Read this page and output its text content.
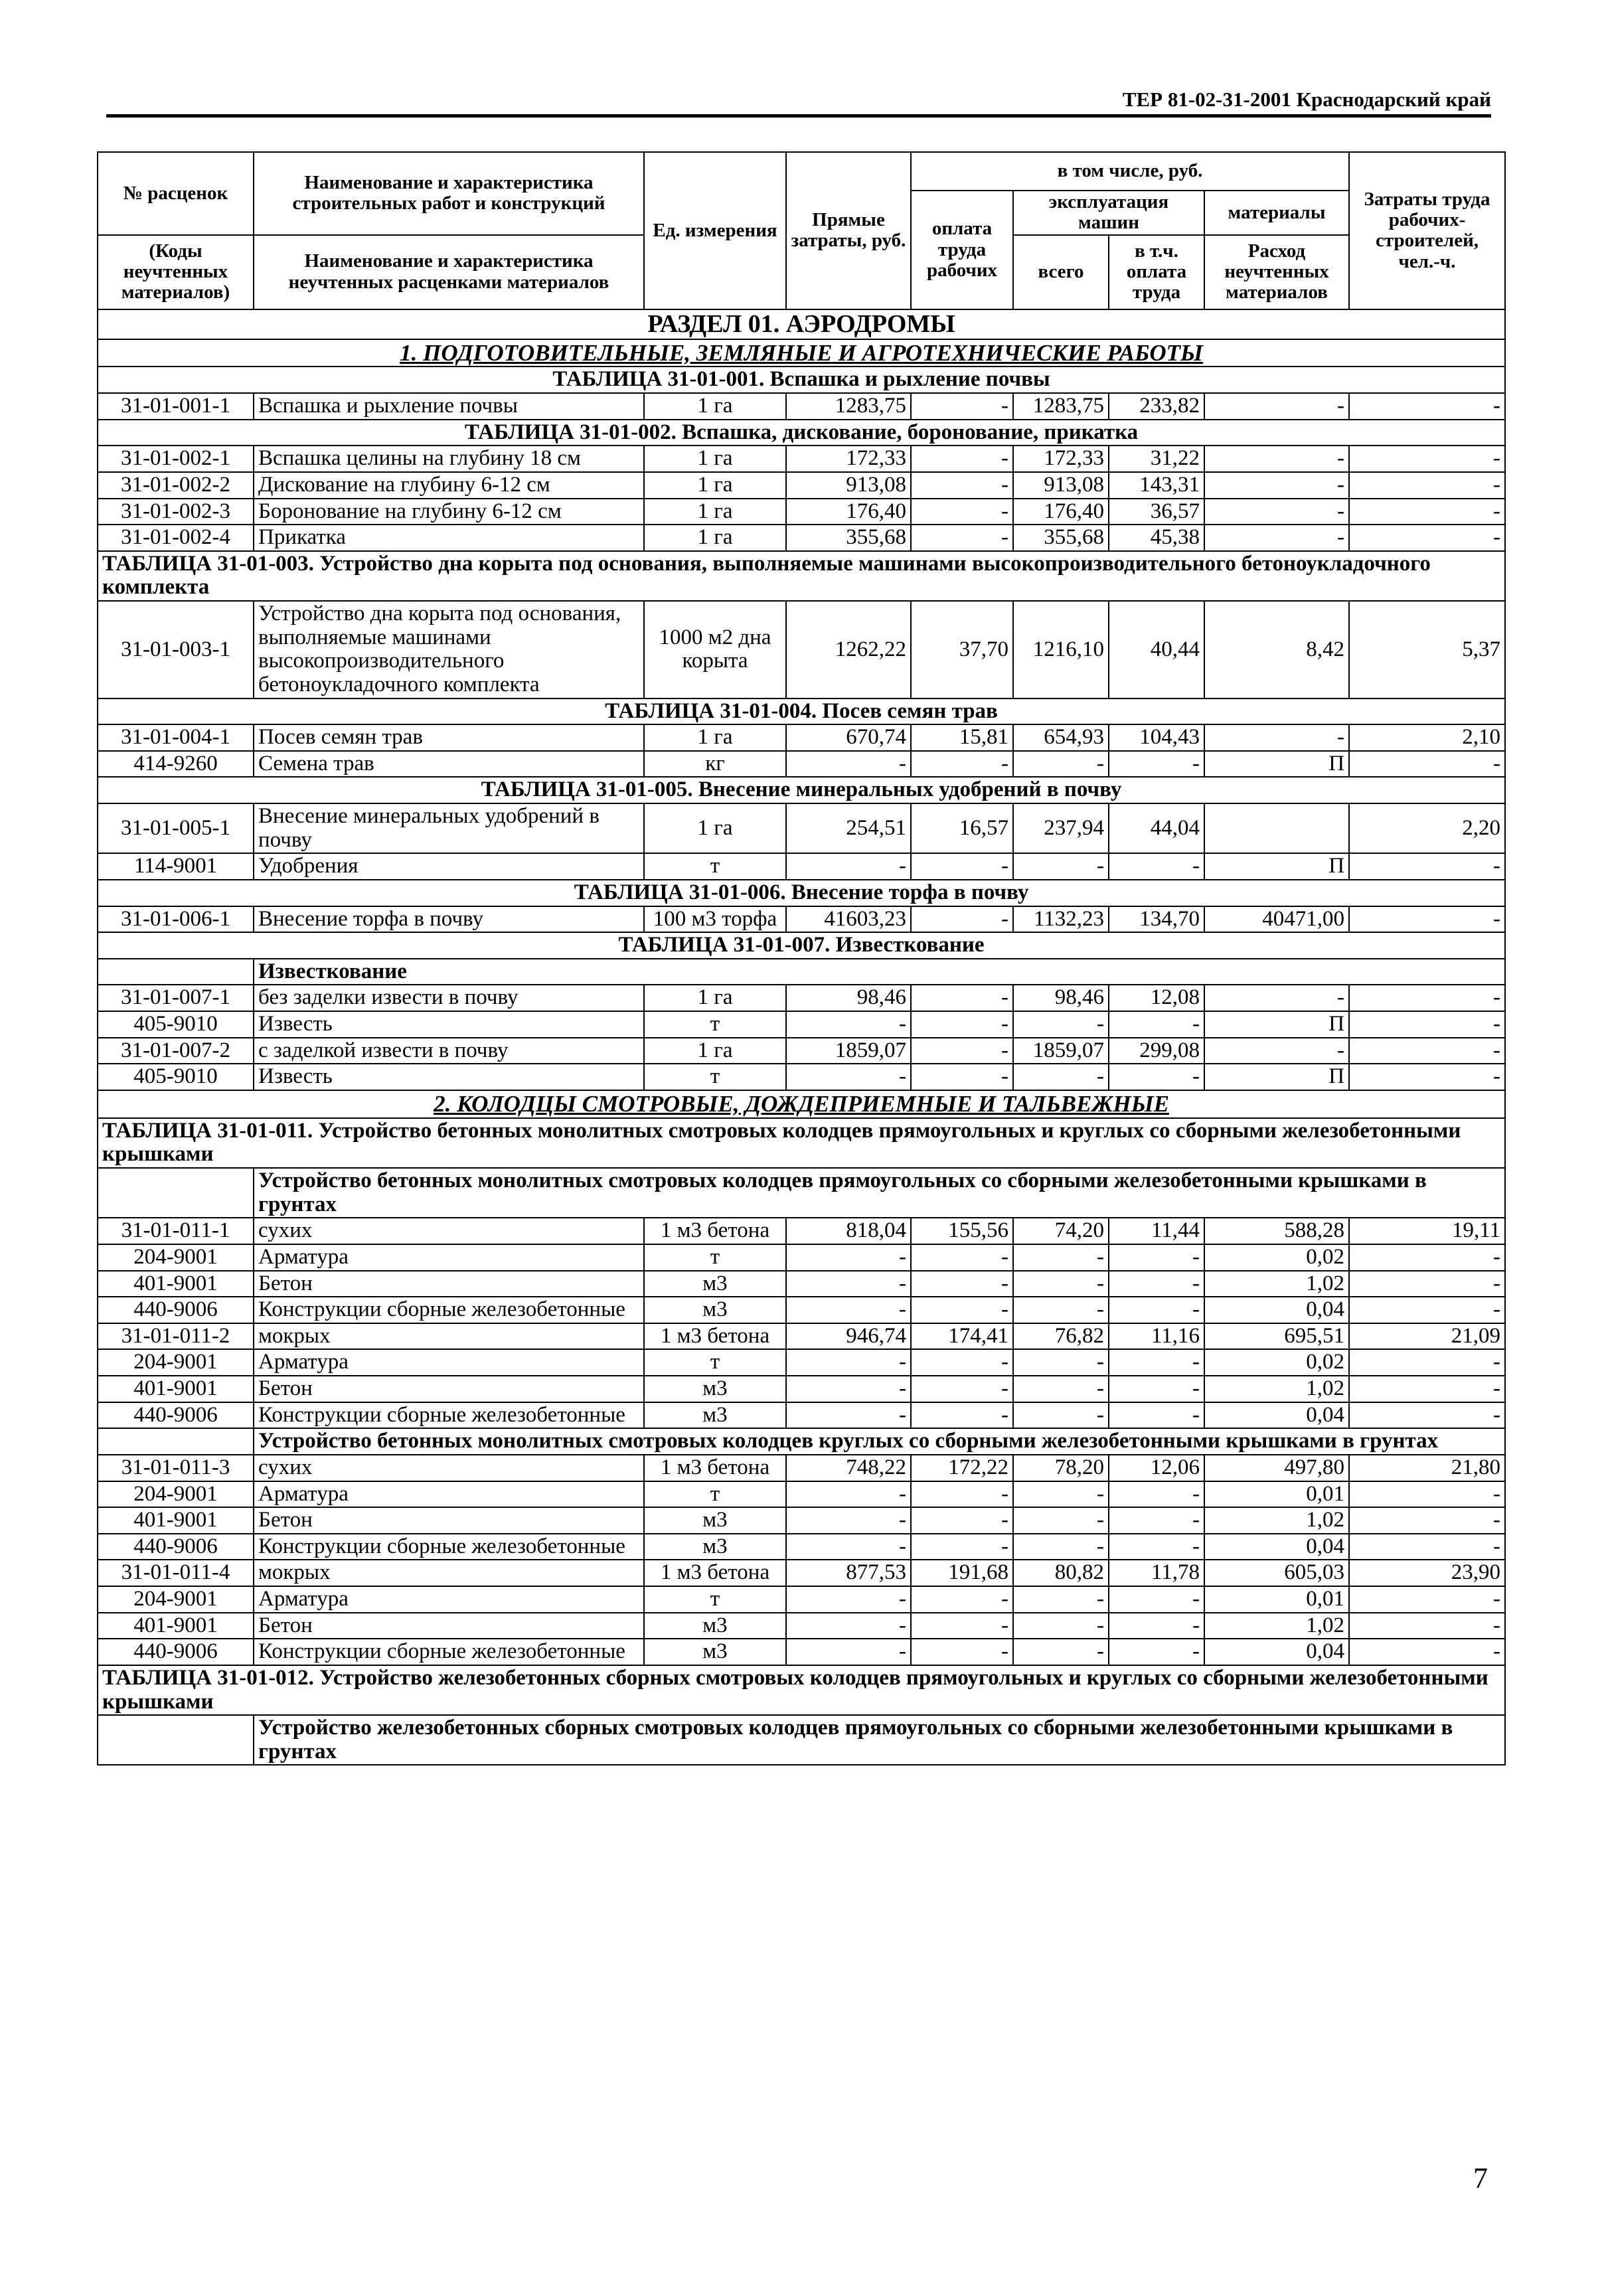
ТЕР 81-02-31-2001 Краснодарский край
№ расценок	Наименование и характеристика строительных работ и конструкций	Ед. измерения	Прямые затраты, руб.	в том числе, руб.				Затраты труда рабочих-строителей, чел.-ч.
				оплата труда рабочих	эксплуатация машин		материалы	
(Коды неучтенных материалов)	Наименование и характеристика неучтенных расценками материалов				всего	в т.ч. оплата труда	Расход неучтенных материалов	

РАЗДЕЛ 01. АЭРОДРОМЫ								
1. ПОДГОТОВИТЕЛЬНЫЕ, ЗЕМЛЯНЫЕ И АГРОТЕХНИЧЕСКИЕ РАБОТЫ								
ТАБЛИЦА 31-01-001. Вспашка и рыхление почвы								
31-01-001-1	Вспашка и рыхление почвы	1 га	1283,75	-	1283,75	233,82	-	-
ТАБЛИЦА 31-01-002. Вспашка, дискование, боронование, прикатка								
31-01-002-1	Вспашка целины на глубину 18 см	1 га	172,33	-	172,33	31,22	-	-
31-01-002-2	Дискование на глубину 6-12 см	1 га	913,08	-	913,08	143,31	-	-
31-01-002-3	Боронование на глубину 6-12 см	1 га	176,40	-	176,40	36,57	-	-
31-01-002-4	Прикатка	1 га	355,68	-	355,68	45,38	-	-
ТАБЛИЦА 31-01-003. Устройство дна корыта под основания, выполняемые машинами высокопроизводительного бетоноукладочного комплекта								
31-01-003-1	Устройство дна корыта под основания, выполняемые машинами высокопроизводительного бетоноукладочного комплекта	1000 м2 дна корыта	1262,22	37,70	1216,10	40,44	8,42	5,37
ТАБЛИЦА 31-01-004. Посев семян трав								
31-01-004-1	Посев семян трав	1 га	670,74	15,81	654,93	104,43	-	2,10
414-9260	Семена трав	кг	-	-	-	-	П	-
ТАБЛИЦА 31-01-005. Внесение минеральных удобрений в почву								
31-01-005-1	Внесение минеральных удобрений в почву	1 га	254,51	16,57	237,94	44,04		2,20
114-9001	Удобрения	т	-	-	-	-	П	-
ТАБЛИЦА 31-01-006. Внесение торфа в почву								
31-01-006-1	Внесение торфа в почву	100 м3 торфа	41603,23	-	1132,23	134,70	40471,00	-
ТАБЛИЦА 31-01-007. Известкование								
	Известкование							
31-01-007-1	без заделки извести в почву	1 га	98,46	-	98,46	12,08	-	-
405-9010	Известь	т	-	-	-	-	П	-
31-01-007-2	с заделкой извести в почву	1 га	1859,07	-	1859,07	299,08	-	-
405-9010	Известь	т	-	-	-	-	П	-
2. КОЛОДЦЫ СМОТРОВЫЕ, ДОЖДЕПРИЕМНЫЕ И ТАЛЬВЕЖНЫЕ								
ТАБЛИЦА 31-01-011. Устройство бетонных монолитных смотровых колодцев прямоугольных и круглых со сборными железобетонными крышками								
	Устройство бетонных монолитных смотровых колодцев прямоугольных со сборными железобетонными крышками в грунтах							
31-01-011-1	сухих	1 м3 бетона	818,04	155,56	74,20	11,44	588,28	19,11
204-9001	Арматура	т	-	-	-	-	0,02	-
401-9001	Бетон	м3	-	-	-	-	1,02	-
440-9006	Конструкции сборные железобетонные	м3	-	-	-	-	0,04	-
31-01-011-2	мокрых	1 м3 бетона	946,74	174,41	76,82	11,16	695,51	21,09
204-9001	Арматура	т	-	-	-	-	0,02	-
401-9001	Бетон	м3	-	-	-	-	1,02	-
440-9006	Конструкции сборные железобетонные	м3	-	-	-	-	0,04	-
	Устройство бетонных монолитных смотровых колодцев круглых со сборными железобетонными крышками в грунтах							
31-01-011-3	сухих	1 м3 бетона	748,22	172,22	78,20	12,06	497,80	21,80
204-9001	Арматура	т	-	-	-	-	0,01	-
401-9001	Бетон	м3	-	-	-	-	1,02	-
440-9006	Конструкции сборные железобетонные	м3	-	-	-	-	0,04	-
31-01-011-4	мокрых	1 м3 бетона	877,53	191,68	80,82	11,78	605,03	23,90
204-9001	Арматура	т	-	-	-	-	0,01	-
401-9001	Бетон	м3	-	-	-	-	1,02	-
440-9006	Конструкции сборные железобетонные	м3	-	-	-	-	0,04	-
ТАБЛИЦА 31-01-012. Устройство железобетонных сборных смотровых колодцев прямоугольных и круглых со сборными железобетонными крышками								
	Устройство железобетонных сборных смотровых колодцев прямоугольных со сборными железобетонными крышками в грунтах							
7
